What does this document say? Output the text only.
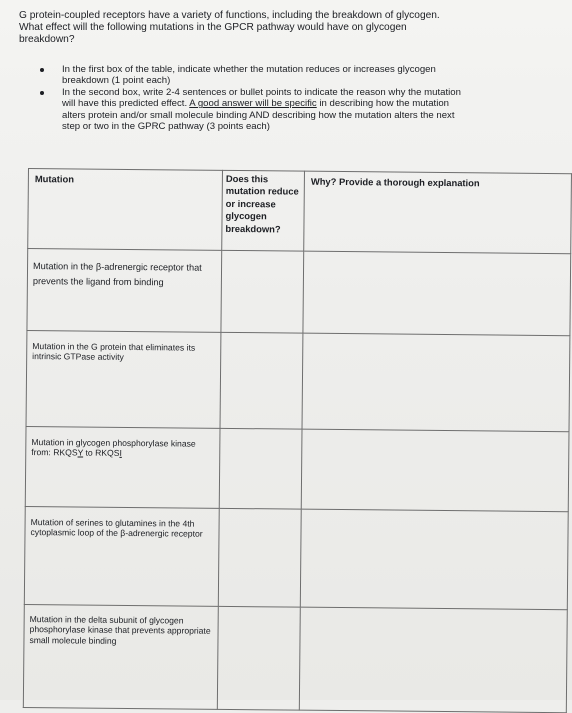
G protein-coupled receptors have a variety of functions, including the breakdown of glycogen. What effect will the following mutations in the GPCR pathway would have on glycogen breakdown?
In the first box of the table, indicate whether the mutation reduces or increases glycogen breakdown (1 point each)
In the second box, write 2-4 sentences or bullet points to indicate the reason why the mutation will have this predicted effect. A good answer will be specific in describing how the mutation alters protein and/or small molecule binding AND describing how the mutation alters the next step or two in the GPRC pathway (3 points each)
Mutation	Does this mutation reduce or increase glycogen breakdown?	Why? Provide a thorough explanation

Mutation in the β-adrenergic receptor that prevents the ligand from binding		

Mutation in the G protein that eliminates its intrinsic GTPase activity		

Mutation in glycogen phosphorylase kinase from: RKQSY to RKQSI		

Mutation of serines to glutamines in the 4th cytoplasmic loop of the β-adrenergic receptor		

Mutation in the delta subunit of glycogen phosphorylase kinase that prevents appropriate small molecule binding		
